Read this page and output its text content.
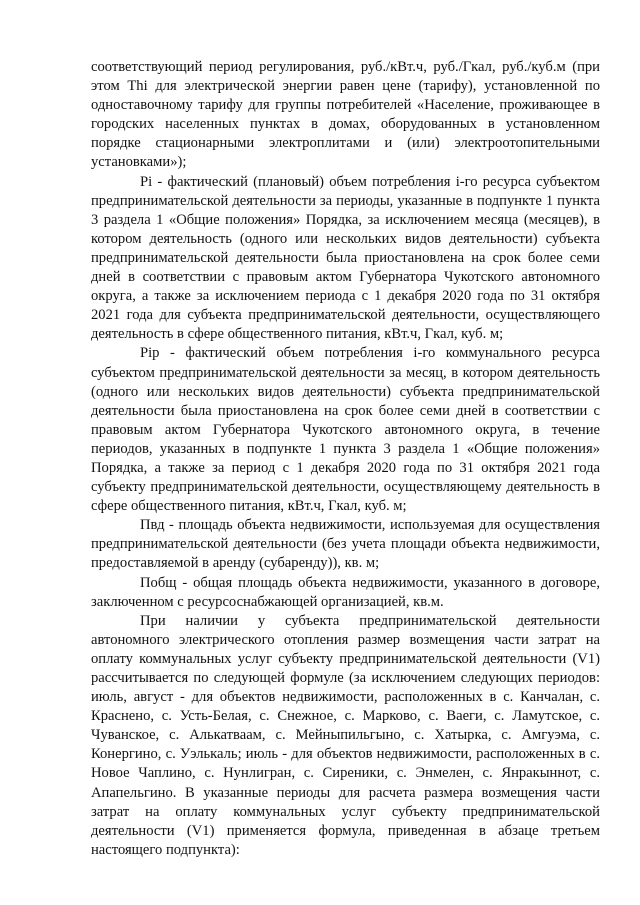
соответствующий период регулирования, руб./кВт.ч, руб./Гкал, руб./куб.м (при этом Тhi для электрической энергии равен цене (тарифу), установленной по одноставочному тарифу для группы потребителей «Население, проживающее в городских населенных пунктах в домах, оборудованных в установленном порядке стационарными электроплитами и (или) электроотопительными установками»);

Pi - фактический (плановый) объем потребления i-го ресурса субъектом предпринимательской деятельности за периоды, указанные в подпункте 1 пункта 3 раздела 1 «Общие положения» Порядка, за исключением месяца (месяцев), в котором деятельность (одного или нескольких видов деятельности) субъекта предпринимательской деятельности была приостановлена на срок более семи дней в соответствии с правовым актом Губернатора Чукотского автономного округа, а также за исключением периода с 1 декабря 2020 года по 31 октября 2021 года для субъекта предпринимательской деятельности, осуществляющего деятельность в сфере общественного питания, кВт.ч, Гкал, куб. м;

Pip - фактический объем потребления i-го коммунального ресурса субъектом предпринимательской деятельности за месяц, в котором деятельность (одного или нескольких видов деятельности) субъекта предпринимательской деятельности была приостановлена на срок более семи дней в соответствии с правовым актом Губернатора Чукотского автономного округа, в течение периодов, указанных в подпункте 1 пункта 3 раздела 1 «Общие положения» Порядка, а также за период с 1 декабря 2020 года по 31 октября 2021 года субъекту предпринимательской деятельности, осуществляющему деятельность в сфере общественного питания, кВт.ч, Гкал, куб. м;

Пвд - площадь объекта недвижимости, используемая для осуществления предпринимательской деятельности (без учета площади объекта недвижимости, предоставляемой в аренду (субаренду)), кв. м;

Побщ - общая площадь объекта недвижимости, указанного в договоре, заключенном с ресурсоснабжающей организацией, кв.м.

При наличии у субъекта предпринимательской деятельности автономного электрического отопления размер возмещения части затрат на оплату коммунальных услуг субъекту предпринимательской деятельности (V1) рассчитывается по следующей формуле (за исключением следующих периодов: июль, август - для объектов недвижимости, расположенных в с. Канчалан, с. Краснено, с. Усть-Белая, с. Снежное, с. Марково, с. Ваеги, с. Ламутское, с. Чуванское, с. Алькатваам, с. Мейныпильгыно, с. Хатырка, с. Амгуэма, с. Конергино, с. Уэлькаль; июль - для объектов недвижимости, расположенных в с. Новое Чаплино, с. Нунлигран, с. Сиреники, с. Энмелен, с. Янракыннот, с. Апапельгино. В указанные периоды для расчета размера возмещения части затрат на оплату коммунальных услуг субъекту предпринимательской деятельности (V1) применяется формула, приведенная в абзаце третьем настоящего подпункта):
